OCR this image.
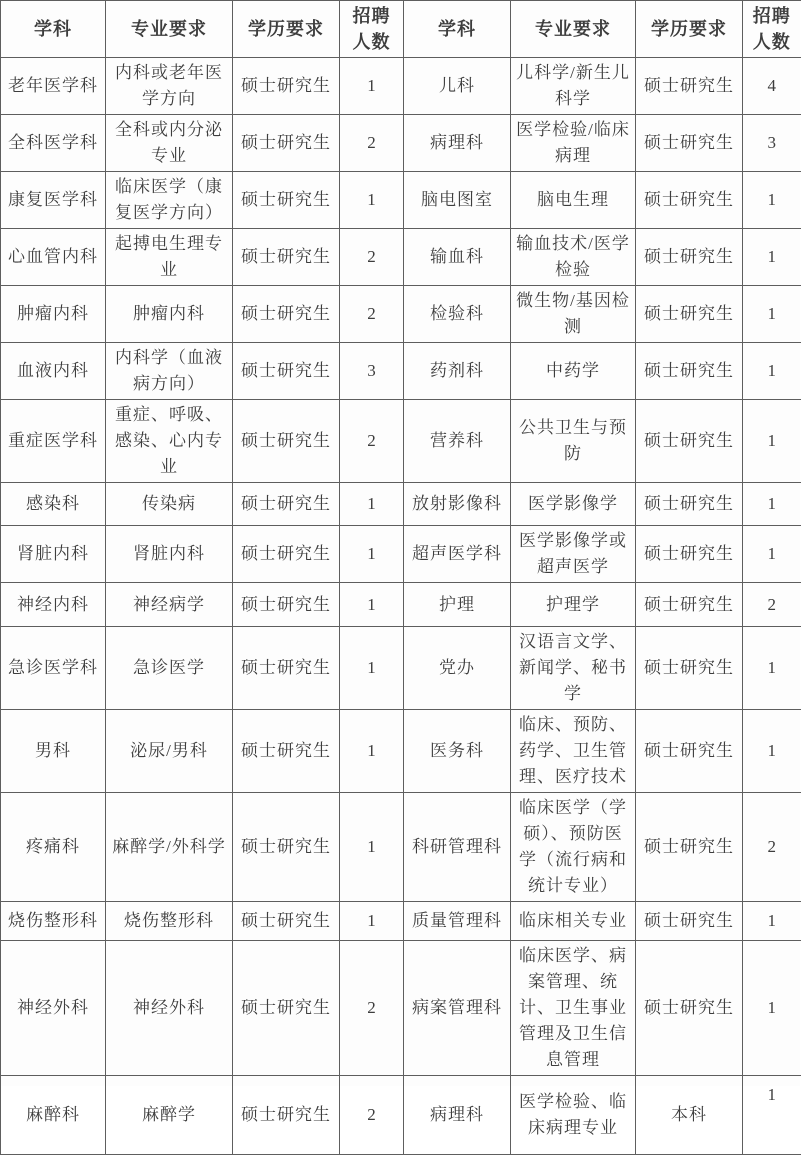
学科	专业要求	学历要求	招聘人数	学科	专业要求	学历要求	招聘人数
老年医学科	内科或老年医学方向	硕士研究生	1	儿科	儿科学/新生儿科学	硕士研究生	4
全科医学科	全科或内分泌专业	硕士研究生	2	病理科	医学检验/临床病理	硕士研究生	3
康复医学科	临床医学（康复医学方向）	硕士研究生	1	脑电图室	脑电生理	硕士研究生	1
心血管内科	起搏电生理专业	硕士研究生	2	输血科	输血技术/医学检验	硕士研究生	1
肿瘤内科	肿瘤内科	硕士研究生	2	检验科	微生物/基因检测	硕士研究生	1
血液内科	内科学（血液病方向）	硕士研究生	3	药剂科	中药学	硕士研究生	1
重症医学科	重症、呼吸、感染、心内专业	硕士研究生	2	营养科	公共卫生与预防	硕士研究生	1
感染科	传染病	硕士研究生	1	放射影像科	医学影像学	硕士研究生	1
肾脏内科	肾脏内科	硕士研究生	1	超声医学科	医学影像学或超声医学	硕士研究生	1
神经内科	神经病学	硕士研究生	1	护理	护理学	硕士研究生	2
急诊医学科	急诊医学	硕士研究生	1	党办	汉语言文学、新闻学、秘书学	硕士研究生	1
男科	泌尿/男科	硕士研究生	1	医务科	临床、预防、药学、卫生管理、医疗技术	硕士研究生	1
疼痛科	麻醉学/外科学	硕士研究生	1	科研管理科	临床医学（学硕）、预防医学（流行病和统计专业）	硕士研究生	2
烧伤整形科	烧伤整形科	硕士研究生	1	质量管理科	临床相关专业	硕士研究生	1
神经外科	神经外科	硕士研究生	2	病案管理科	临床医学、病案管理、统计、卫生事业管理及卫生信息管理	硕士研究生	1
麻醉科	麻醉学	硕士研究生	2	病理科	医学检验、临床病理专业	本科	1
